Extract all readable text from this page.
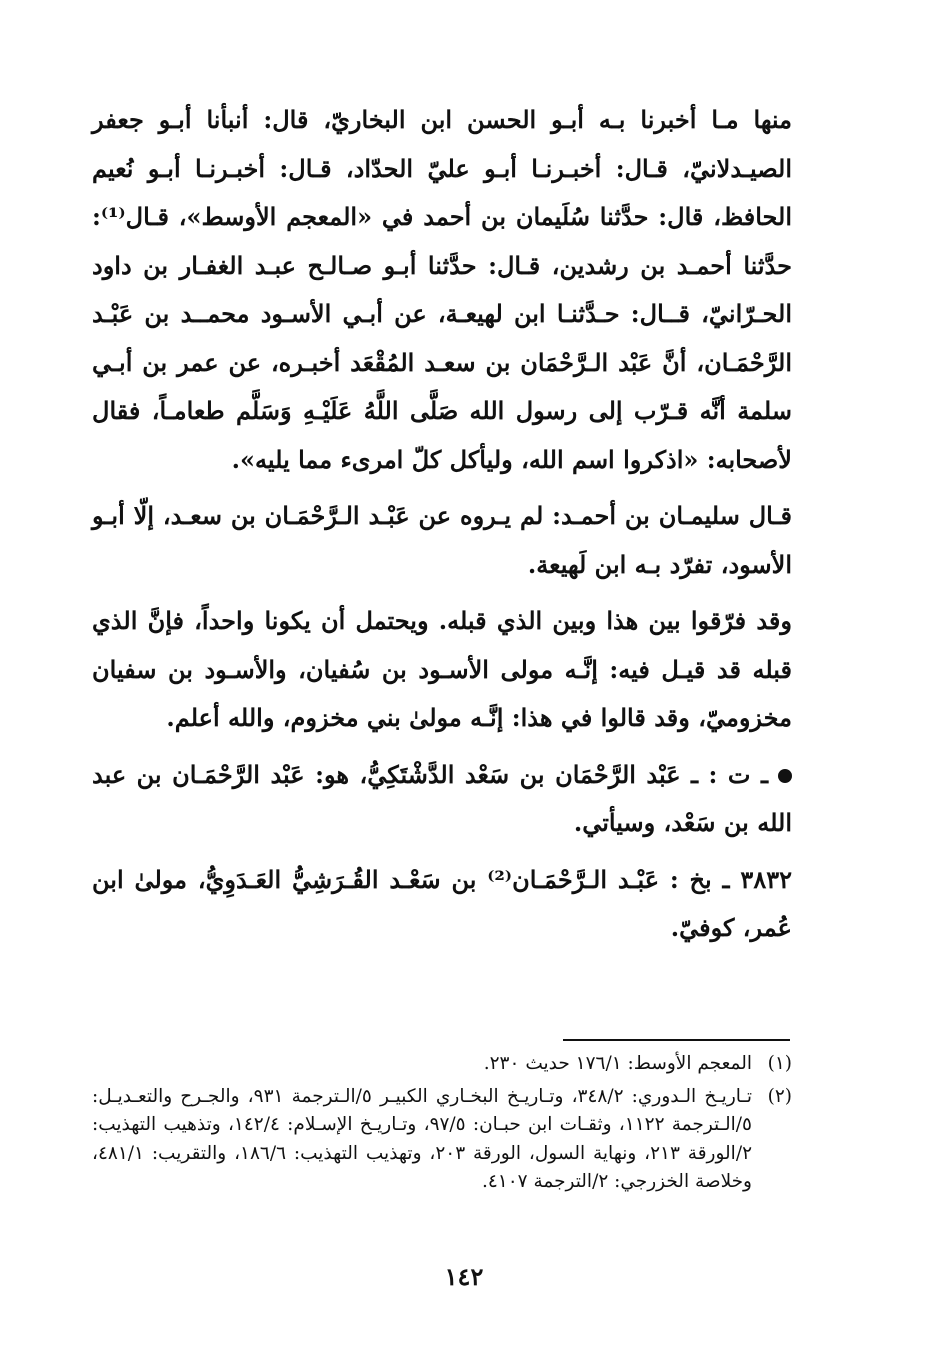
منها مـا أخبرنا بـه أبـو الحسن ابن البخاريّ، قال: أنبأنا أبـو جعفر الصيـدلانيّ، قـال: أخبـرنـا أبـو عليّ الحدّاد، قـال: أخبـرنـا أبـو نُعيم الحافظ، قال: حدَّثنا سُلَيمان بن أحمد في «المعجم الأوسط»، قـال⁽¹⁾: حدَّثنا أحمـد بن رشدين، قـال: حدَّثنا أبـو صـالـح عبـد الغفـار بن داود الحـرّانيّ، قــال: حـدَّثنـا ابن لهيعـة، عن أبـي الأسـود محمــد بن عَبْـد الرَّحْمَـان، أنَّ عَبْد الـرَّحْمَان بن سعـد المُقْعَد أخبـره، عن عمر بن أبـي سلمة أنَّه قـرّب إلى رسول الله صَلَّى اللَّهُ عَلَيْـهِ وَسَلَّم طعامـاً، فقال لأصحابه: «اذكروا اسم الله، وليأكل كلّ امرىء مما يليه».

قـال سليمـان بن أحمـد: لم يـروه عن عَبْـد الـرَّحْمَـان بن سعـد، إلّا أبـو الأسود، تفرّد بـه ابن لَهيعة.

وقد فرّقوا بين هذا وبين الذي قبله. ويحتمل أن يكونا واحداً، فإنَّ الذي قبله قد قيـل فيه: إنَّـه مولى الأسـود بن سُفيان، والأسـود بن سفيان مخزوميّ، وقد قالوا في هذا: إنَّـه مولىٰ بني مخزوم، والله أعلم.

ـ ت : ـ عَبْد الرَّحْمَان بن سَعْد الدَّشْتَكِيُّ، هو: عَبْد الرَّحْمَـان بن عبد الله بن سَعْد، وسيأتي.

٣٨٣٢ ـ بخ : عَبْـد الـرَّحْمَـان⁽²⁾ بن سَعْـد القُـرَشِيُّ العَـدَوِيُّ، مولىٰ ابن عُمر، كوفيّ.

(١)
المعجم الأوسط: ١٧٦/١ حديث ٢٣٠.
(٢)
تـاريـخ الـدوري: ٣٤٨/٢، وتـاريـخ البخـاري الكبيـر ٥/الـترجمة ٩٣١، والجـرح والتعـديـل: ٥/الـترجمة ١١٢٢، وثقـات ابن حبـان: ٩٧/٥، وتـاريـخ الإسـلام: ١٤٢/٤، وتذهيب التهذيب: ٢/الورقة ٢١٣، ونهاية السول، الورقة ٢٠٣، وتهذيب التهذيب: ١٨٦/٦، والتقريب: ٤٨١/١، وخلاصة الخزرجي: ٢/الترجمة ٤١٠٧.
١٤٢
